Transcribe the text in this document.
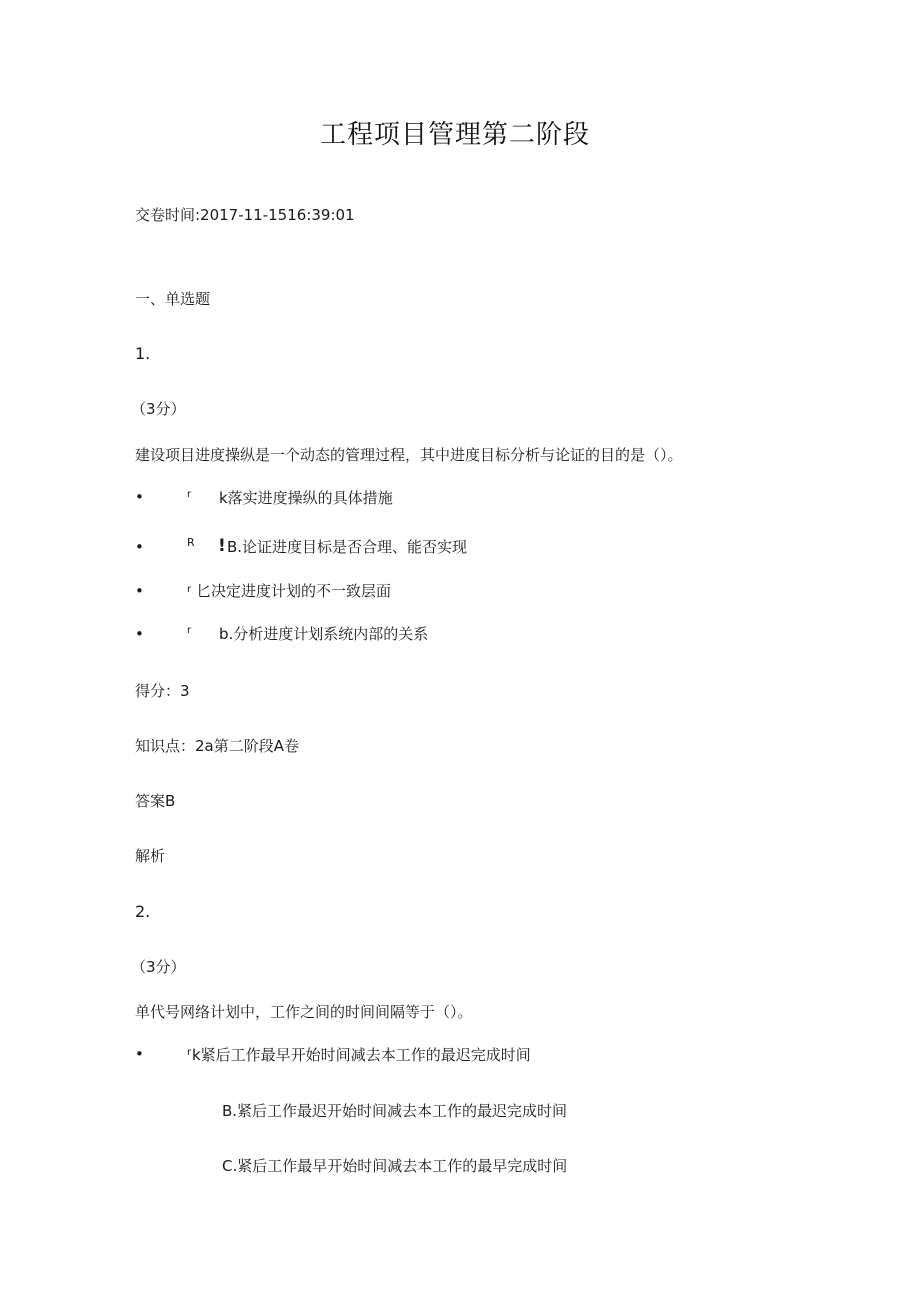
工程项目管理第二阶段
交卷时间:2017-11-1516:39:01
一、单选题
1.
（3分）
建设项目进度操纵是一个动态的管理过程，其中进度目标分析与论证的目的是（）。
•	r k落实进度操纵的具体措施
•	R ! B.论证进度目标是否合理、能否实现
•	r 匕决定进度计划的不一致层面
•	r b.分析进度计划系统内部的关系
得分：3
知识点：2a第二阶段A卷
答案B
解析
2.
（3分）
单代号网络计划中，工作之间的时间间隔等于（）。
•	r k紧后工作最早开始时间减去本工作的最迟完成时间
B.紧后工作最迟开始时间减去本工作的最迟完成时间
C.紧后工作最早开始时间减去本工作的最早完成时间
